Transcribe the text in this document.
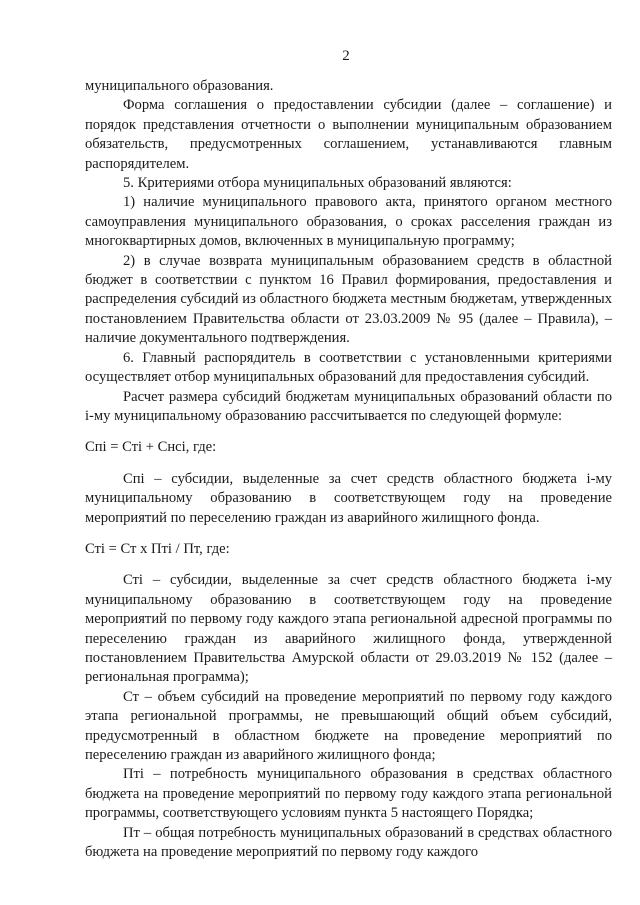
2

муниципального образования.

Форма соглашения о предоставлении субсидии (далее – соглашение) и порядок представления отчетности о выполнении муниципальным образованием обязательств, предусмотренных соглашением, устанавливаются главным распорядителем.

5. Критериями отбора муниципальных образований являются:

1) наличие муниципального правового акта, принятого органом местного самоуправления муниципального образования, о сроках расселения граждан из многоквартирных домов, включенных в муниципальную программу;

2) в случае возврата муниципальным образованием средств в областной бюджет в соответствии с пунктом 16 Правил формирования, предоставления и распределения субсидий из областного бюджета местным бюджетам, утвержденных постановлением Правительства области от 23.03.2009 № 95 (далее – Правила), – наличие документального подтверждения.

6. Главный распорядитель в соответствии с установленными критериями осуществляет отбор муниципальных образований для предоставления субсидий.

Расчет размера субсидий бюджетам муниципальных образований области по i-му муниципальному образованию рассчитывается по следующей формуле:

Спi = Стi + Снсi, где:

Спi – субсидии, выделенные за счет средств областного бюджета i-му муниципальному образованию в соответствующем году на проведение мероприятий по переселению граждан из аварийного жилищного фонда.

Стi = Ст х Птi / Пт, где:

Стi – субсидии, выделенные за счет средств областного бюджета i-му муниципальному образованию в соответствующем году на проведение мероприятий по первому году каждого этапа региональной адресной программы по переселению граждан из аварийного жилищного фонда, утвержденной постановлением Правительства Амурской области от 29.03.2019 № 152 (далее – региональная программа);

Ст – объем субсидий на проведение мероприятий по первому году каждого этапа региональной программы, не превышающий общий объем субсидий, предусмотренный в областном бюджете на проведение мероприятий по переселению граждан из аварийного жилищного фонда;

Птi – потребность муниципального образования в средствах областного бюджета на проведение мероприятий по первому году каждого этапа региональной программы, соответствующего условиям пункта 5 настоящего Порядка;

Пт – общая потребность муниципальных образований в средствах областного бюджета на проведение мероприятий по первому году каждого
